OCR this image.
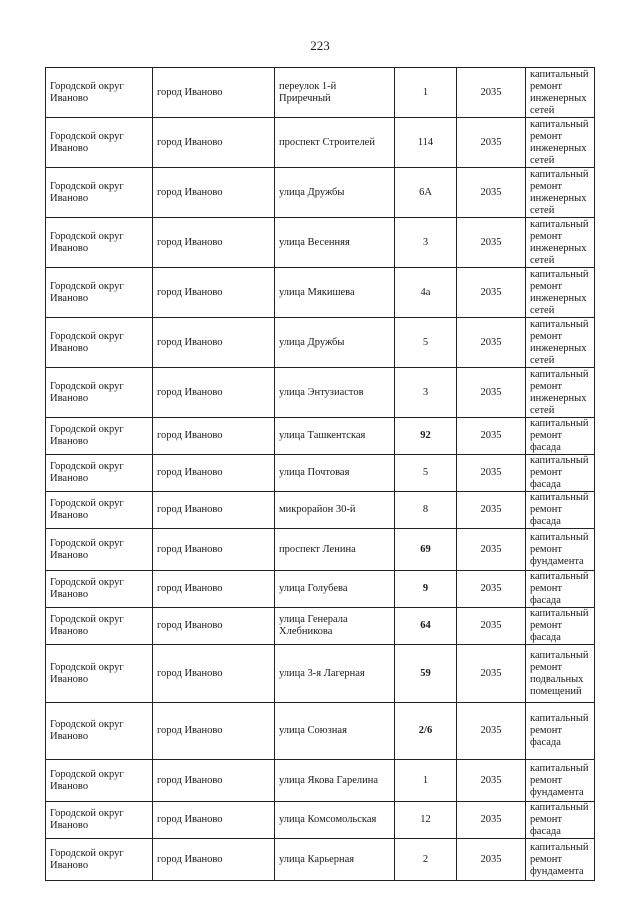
223
Городской округ Иваново	город Иваново	переулок 1-й Приречный	1	2035	капитальный ремонт инженерных сетей
Городской округ Иваново	город Иваново	проспект Строителей	114	2035	капитальный ремонт инженерных сетей
Городской округ Иваново	город Иваново	улица Дружбы	6А	2035	капитальный ремонт инженерных сетей
Городской округ Иваново	город Иваново	улица Весенняя	3	2035	капитальный ремонт инженерных сетей
Городской округ Иваново	город Иваново	улица Мякишева	4а	2035	капитальный ремонт инженерных сетей
Городской округ Иваново	город Иваново	улица Дружбы	5	2035	капитальный ремонт инженерных сетей
Городской округ Иваново	город Иваново	улица Энтузиастов	3	2035	капитальный ремонт инженерных сетей
Городской округ Иваново	город Иваново	улица Ташкентская	92	2035	капитальный ремонт фасада
Городской округ Иваново	город Иваново	улица Почтовая	5	2035	капитальный ремонт фасада
Городской округ Иваново	город Иваново	микрорайон 30-й	8	2035	капитальный ремонт фасада
Городской округ Иваново	город Иваново	проспект Ленина	69	2035	капитальный ремонт фундамента
Городской округ Иваново	город Иваново	улица Голубева	9	2035	капитальный ремонт фасада
Городской округ Иваново	город Иваново	улица Генерала Хлебникова	64	2035	капитальный ремонт фасада
Городской округ Иваново	город Иваново	улица 3-я Лагерная	59	2035	капитальный ремонт подвальных помещений
Городской округ Иваново	город Иваново	улица Союзная	2/6	2035	капитальный ремонт фасада
Городской округ Иваново	город Иваново	улица Якова Гарелина	1	2035	капитальный ремонт фундамента
Городской округ Иваново	город Иваново	улица Комсомольская	12	2035	капитальный ремонт фасада
Городской округ Иваново	город Иваново	улица Карьерная	2	2035	капитальный ремонт фундамента
